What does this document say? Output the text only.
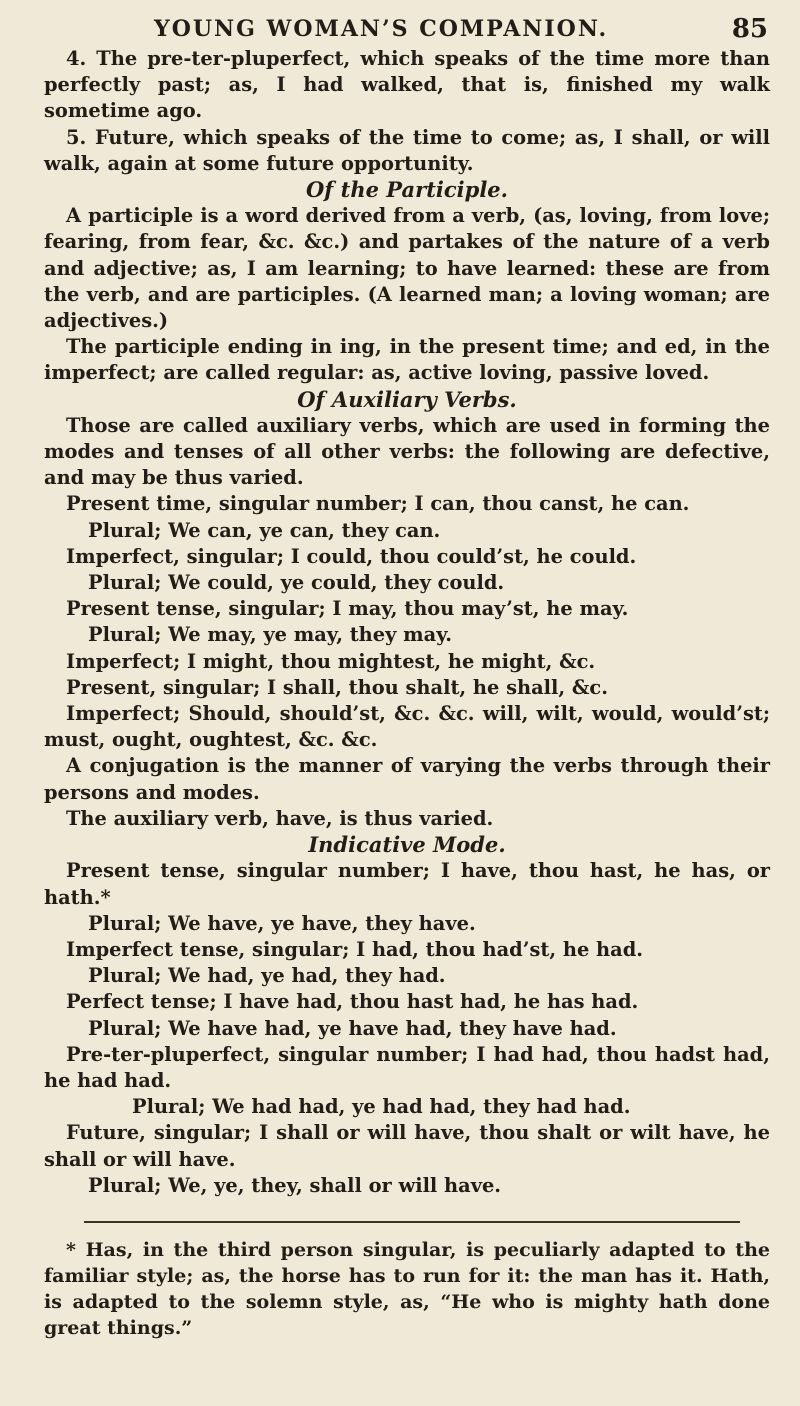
YOUNG WOMAN’S COMPANION.	85

4. The pre-ter-pluperfect, which speaks of the time more than perfectly past; as, I had walked, that is, finished my walk sometime ago.

5. Future, which speaks of the time to come; as, I shall, or will walk, again at some future opportunity.

Of the Participle.

A participle is a word derived from a verb, (as, loving, from love; fearing, from fear, &c. &c.) and partakes of the nature of a verb and adjective; as, I am learning; to have learned: these are from the verb, and are participles. (A learned man; a loving woman; are adjectives.)

The participle ending in ing, in the present time; and ed, in the imperfect; are called regular: as, active loving, passive loved.

Of Auxiliary Verbs.

Those are called auxiliary verbs, which are used in forming the modes and tenses of all other verbs: the following are defective, and may be thus varied.

Present time, singular number; I can, thou canst, he can.

Plural; We can, ye can, they can.

Imperfect, singular; I could, thou could’st, he could.

Plural; We could, ye could, they could.

Present tense, singular; I may, thou may’st, he may.

Plural; We may, ye may, they may.

Imperfect; I might, thou mightest, he might, &c.

Present, singular; I shall, thou shalt, he shall, &c.

Imperfect; Should, should’st, &c. &c. will, wilt, would, would’st; must, ought, oughtest, &c. &c.

A conjugation is the manner of varying the verbs through their persons and modes.

The auxiliary verb, have, is thus varied.

Indicative Mode.

Present tense, singular number; I have, thou hast, he has, or hath.*

Plural; We have, ye have, they have.

Imperfect tense, singular; I had, thou had’st, he had.

Plural; We had, ye had, they had.

Perfect tense; I have had, thou hast had, he has had.

Plural; We have had, ye have had, they have had.

Pre-ter-pluperfect, singular number; I had had, thou hadst had, he had had.

Plural; We had had, ye had had, they had had.

Future, singular; I shall or will have, thou shalt or wilt have, he shall or will have.

Plural; We, ye, they, shall or will have.

* Has, in the third person singular, is peculiarly adapted to the familiar style; as, the horse has to run for it: the man has it. Hath, is adapted to the solemn style, as, “He who is mighty hath done great things.”
